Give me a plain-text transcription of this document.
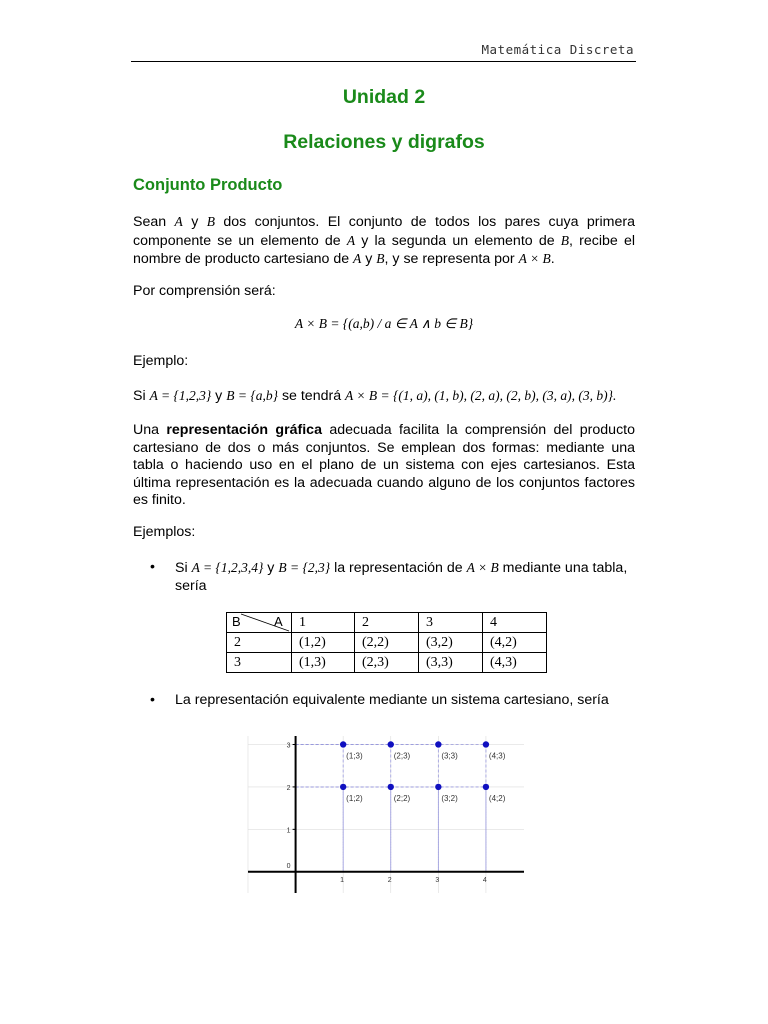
Matemática Discreta
Unidad 2
Relaciones y digrafos
Conjunto Producto
Sean A y B dos conjuntos. El conjunto de todos los pares cuya primera componente se un elemento de A y la segunda un elemento de B, recibe el nombre de producto cartesiano de A y B, y se representa por A × B.
Por comprensión será:
A × B = {(a,b) / a ∈ A ∧ b ∈ B}
Ejemplo:
Si A = {1,2,3} y B = {a,b} se tendrá A × B = {(1, a), (1, b), (2, a), (2, b), (3, a), (3, b)}.
Una representación gráfica adecuada facilita la comprensión del producto cartesiano de dos o más conjuntos. Se emplean dos formas: mediante una tabla o haciendo uso en el plano de un sistema con ejes cartesianos. Esta última representación es la adecuada cuando alguno de los conjuntos factores es finito.
Ejemplos:
• Si A = {1,2,3,4} y B = {2,3} la representación de A × B mediante una tabla, sería
B A	1	2	3	4
2	(1,2)	(2,2)	(3,2)	(4,2)
3	(1,3)	(2,3)	(3,3)	(4,3)
• La representación equivalente mediante un sistema cartesiano, sería
0
1	2	3	4
1
2
3
(1;3)	(2;3)	(3;3)	(4;3)
(1;2)	(2;2)	(3;2)	(4;2)
